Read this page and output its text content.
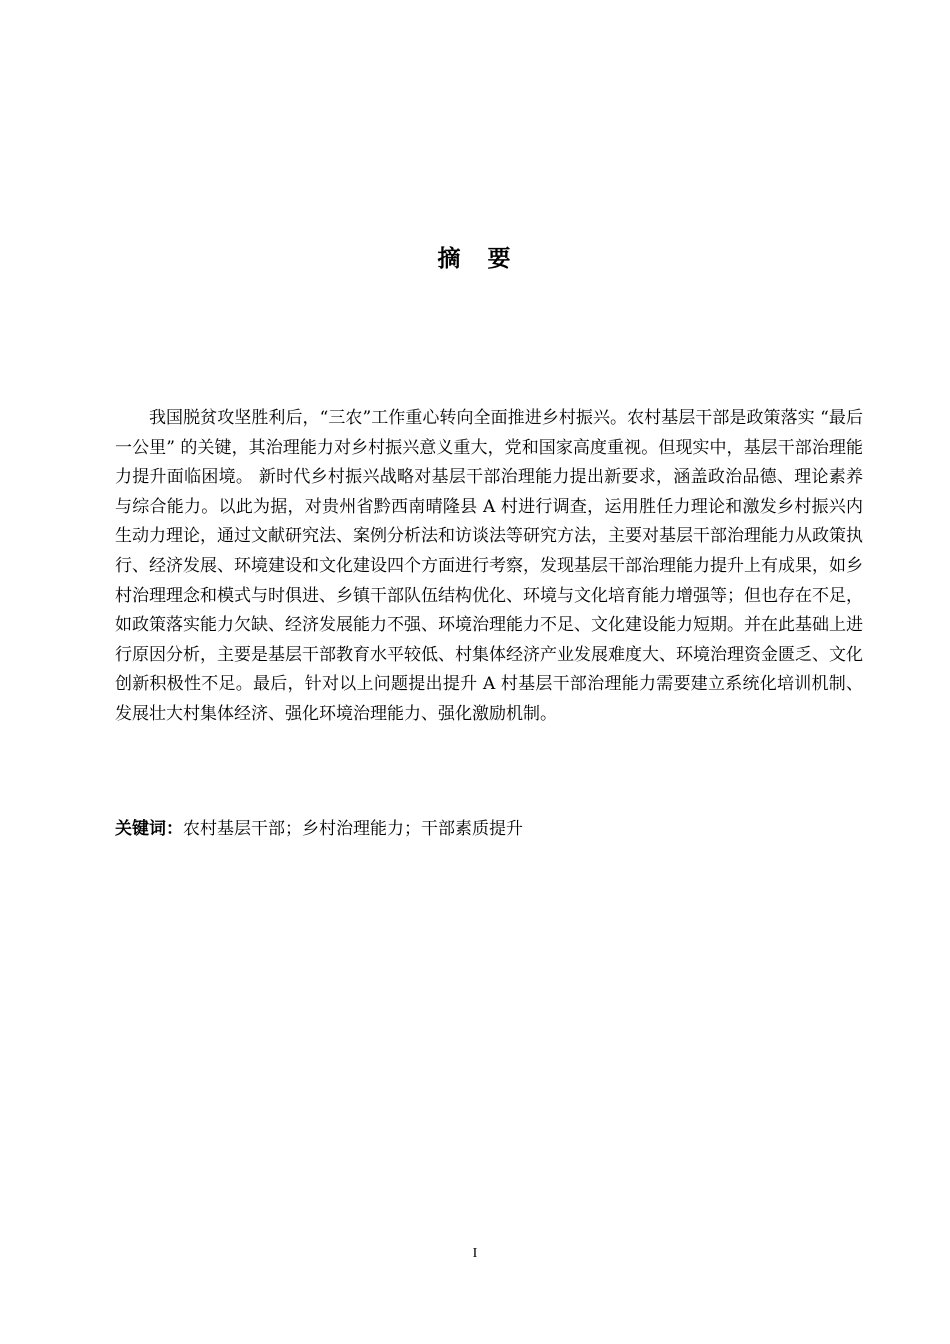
摘　要

我国脱贫攻坚胜利后，“三农”工作重心转向全面推进乡村振兴。农村基层干部是政策落实 “最后一公里” 的关键，其治理能力对乡村振兴意义重大，党和国家高度重视。但现实中，基层干部治理能力提升面临困境。 新时代乡村振兴战略对基层干部治理能力提出新要求，涵盖政治品德、理论素养与综合能力。以此为据，对贵州省黔西南晴隆县 A 村进行调查，运用胜任力理论和激发乡村振兴内生动力理论，通过文献研究法、案例分析法和访谈法等研究方法，主要对基层干部治理能力从政策执行、经济发展、环境建设和文化建设四个方面进行考察，发现基层干部治理能力提升上有成果，如乡村治理理念和模式与时俱进、乡镇干部队伍结构优化、环境与文化培育能力增强等；但也存在不足，如政策落实能力欠缺、经济发展能力不强、环境治理能力不足、文化建设能力短期。并在此基础上进行原因分析，主要是基层干部教育水平较低、村集体经济产业发展难度大、环境治理资金匮乏、文化创新积极性不足。最后，针对以上问题提出提升 A 村基层干部治理能力需要建立系统化培训机制、发展壮大村集体经济、强化环境治理能力、强化激励机制。

关键词：农村基层干部；乡村治理能力；干部素质提升

I
